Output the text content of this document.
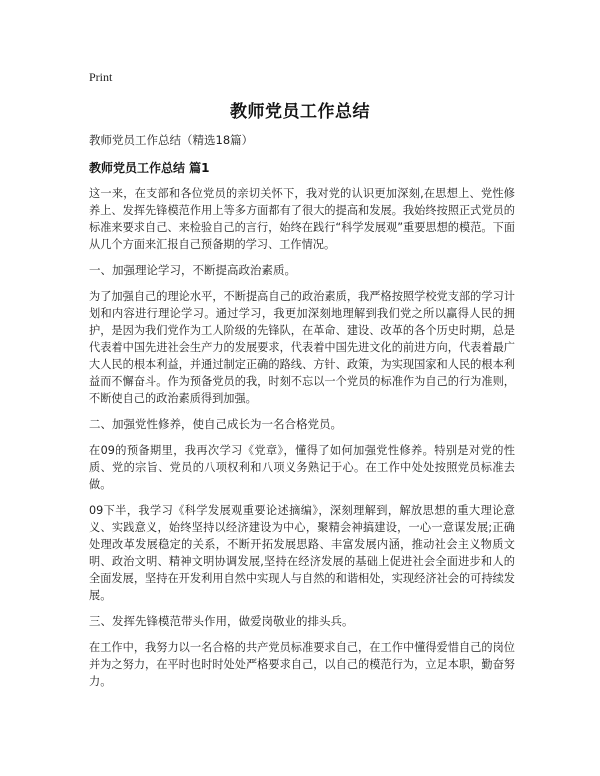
Print
教师党员工作总结

教师党员工作总结（精选18篇）

教师党员工作总结 篇1

这一来，在支部和各位党员的亲切关怀下，我对党的认识更加深刻,在思想上、党性修养上、发挥先锋模范作用上等多方面都有了很大的提高和发展。我始终按照正式党员的标准来要求自己、来检验自己的言行，始终在践行“科学发展观”重要思想的模范。下面从几个方面来汇报自己预备期的学习、工作情况。

一、加强理论学习，不断提高政治素质。

为了加强自己的理论水平，不断提高自己的政治素质，我严格按照学校党支部的学习计划和内容进行理论学习。通过学习，我更加深刻地理解到我们党之所以赢得人民的拥护，是因为我们党作为工人阶级的先锋队，在革命、建设、改革的各个历史时期，总是代表着中国先进社会生产力的发展要求，代表着中国先进文化的前进方向，代表着最广大人民的根本利益，并通过制定正确的路线、方针、政策，为实现国家和人民的根本利益而不懈奋斗。作为预备党员的我，时刻不忘以一个党员的标准作为自己的行为准则，不断使自己的政治素质得到加强。

二、加强党性修养，使自己成长为一名合格党员。

在09的预备期里，我再次学习《党章》，懂得了如何加强党性修养。特别是对党的性质、党的宗旨、党员的八项权利和八项义务熟记于心。在工作中处处按照党员标准去做。

09下半，我学习《科学发展观重要论述摘编》，深刻理解到，解放思想的重大理论意义、实践意义，始终坚持以经济建设为中心，聚精会神搞建设，一心一意谋发展;正确处理改革发展稳定的关系，不断开拓发展思路、丰富发展内涵，推动社会主义物质文明、政治文明、精神文明协调发展,坚持在经济发展的基础上促进社会全面进步和人的全面发展，坚持在开发利用自然中实现人与自然的和谐相处，实现经济社会的可持续发展。

三、发挥先锋模范带头作用，做爱岗敬业的排头兵。

在工作中，我努力以一名合格的共产党员标准要求自己，在工作中懂得爱惜自己的岗位并为之努力，在平时也时时处处严格要求自己，以自己的模范行为，立足本职，勤奋努力。
